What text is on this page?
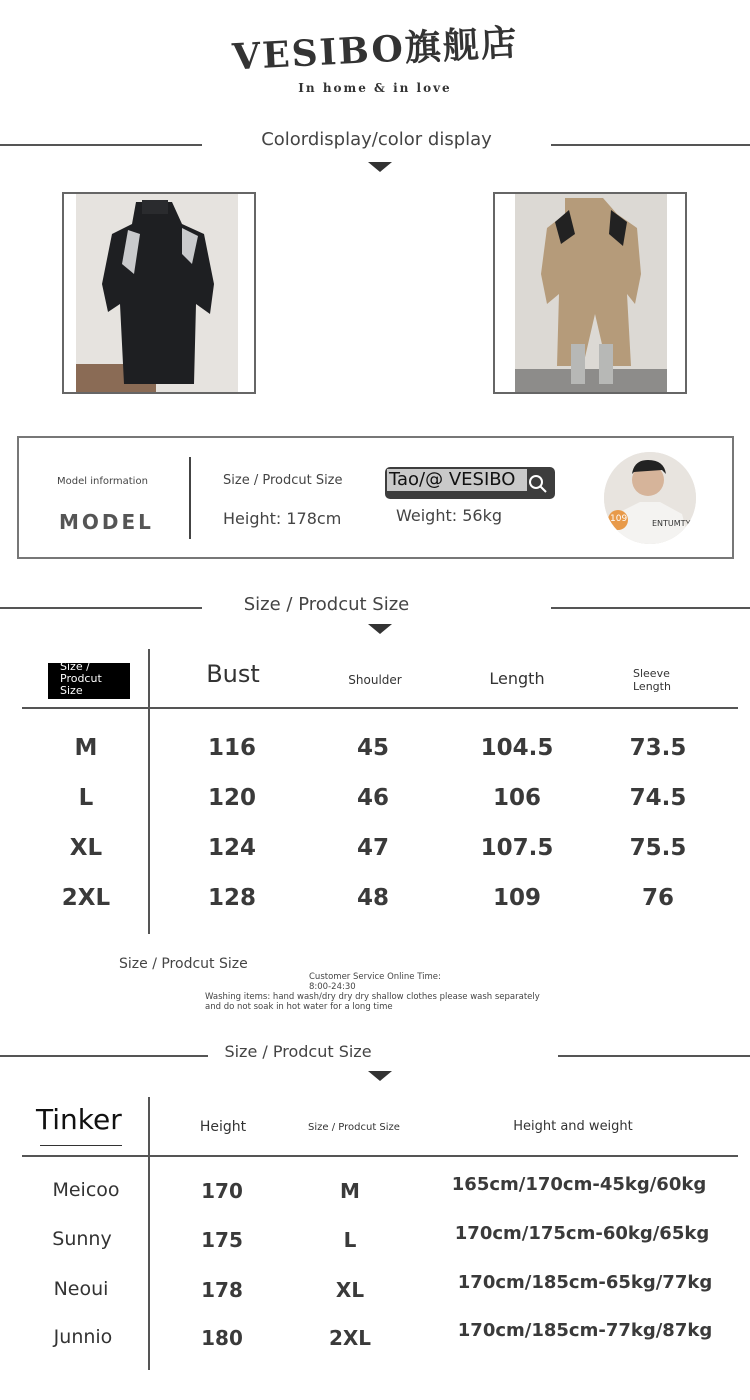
VESIBO旗舰店
In home & in love
Colordisplay/color display
Model information
MODEL
Size / Prodcut Size
Height: 178cm
Tao/@ VESIBO
Weight: 56kg	ENTUMTY
109
Size / Prodcut Size
Size / Prodcut Size
Bust	Shoulder	Length	Sleeve Length
M	116	45	104.5	73.5
L	120	46	106	74.5
XL	124	47	107.5	75.5
2XL	128	48	109	76
Size / Prodcut Size
Customer Service Online Time:
8:00-24:30
Washing items: hand wash/dry dry dry shallow clothes please wash separately
and do not soak in hot water for a long time
Size / Prodcut Size
Tinker	Height	Size / Prodcut Size	Height and weight
Meicoo	170	M	165cm/170cm-45kg/60kg
Sunny	175	L	170cm/175cm-60kg/65kg
Neoui	178	XL	170cm/185cm-65kg/77kg
Junnio	180	2XL	170cm/185cm-77kg/87kg
